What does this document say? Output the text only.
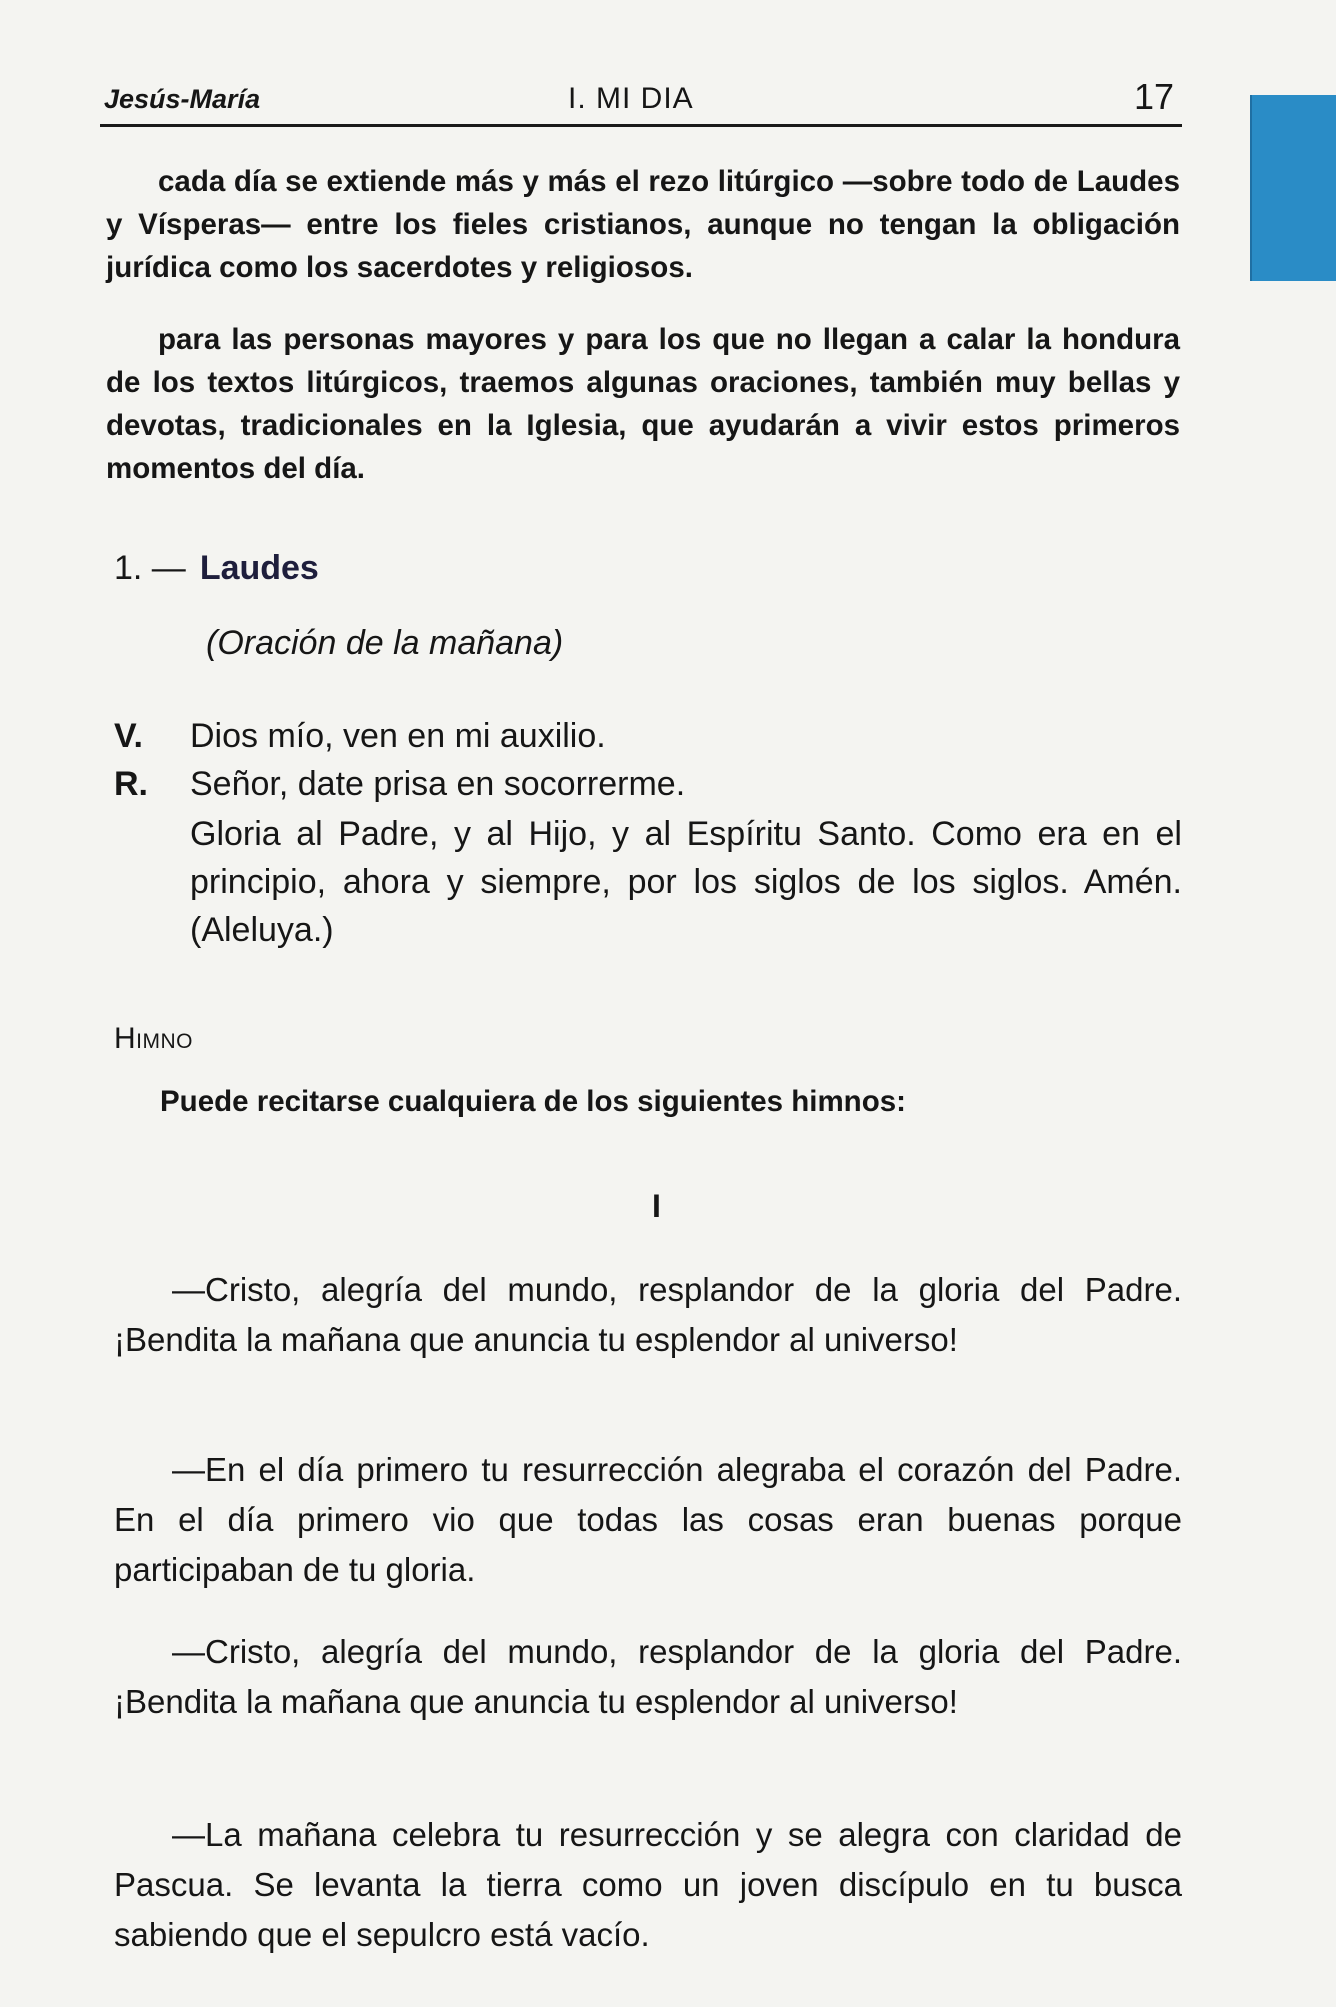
Jesús-María	I. MI DIA	17

cada día se extiende más y más el rezo litúrgico —sobre todo de Laudes y Vísperas— entre los fieles cristianos, aunque no tengan la obligación jurídica como los sacerdotes y religiosos.

para las personas mayores y para los que no llegan a calar la hondura de los textos litúrgicos, traemos algunas oraciones, también muy bellas y devotas, tradicionales en la Iglesia, que ayudarán a vivir estos primeros momentos del día.

1. — Laudes
(Oración de la mañana)
V. Dios mío, ven en mi auxilio.
R. Señor, date prisa en socorrerme.
Gloria al Padre, y al Hijo, y al Espíritu Santo. Como era en el principio, ahora y siempre, por los siglos de los siglos. Amén. (Aleluya.)
Himno
Puede recitarse cualquiera de los siguientes himnos:
I

—Cristo, alegría del mundo, resplandor de la gloria del Padre. ¡Bendita la mañana que anuncia tu esplendor al universo!

—En el día primero tu resurrección alegraba el corazón del Padre. En el día primero vio que todas las cosas eran buenas porque participaban de tu gloria.

—Cristo, alegría del mundo, resplandor de la gloria del Padre. ¡Bendita la mañana que anuncia tu esplendor al universo!

—La mañana celebra tu resurrección y se alegra con claridad de Pascua. Se levanta la tierra como un joven discípulo en tu busca sabiendo que el sepulcro está vacío.
